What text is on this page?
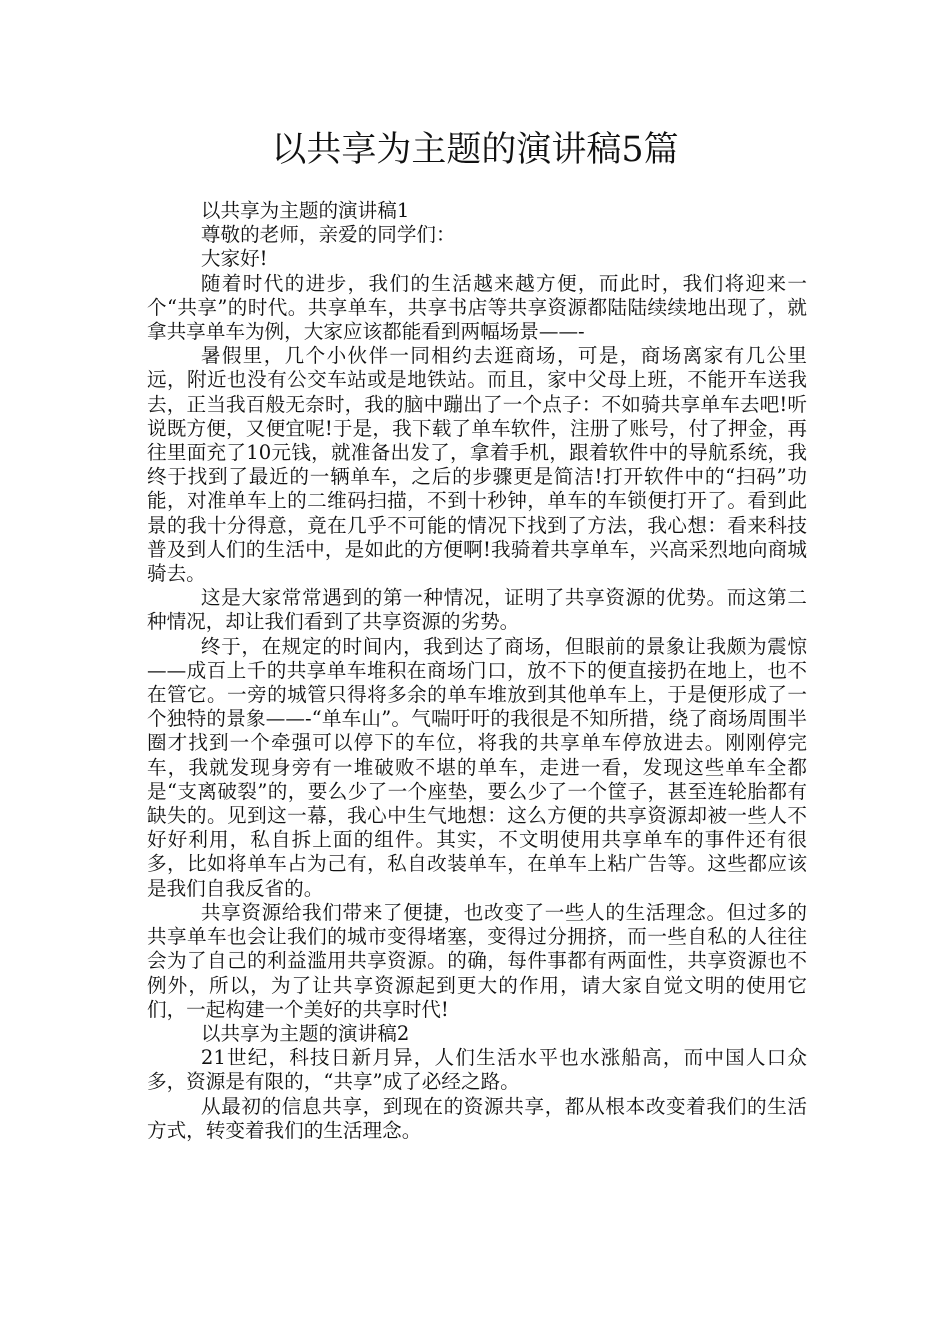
以共享为主题的演讲稿5篇

以共享为主题的演讲稿1

尊敬的老师，亲爱的同学们：

大家好!

随着时代的进步，我们的生活越来越方便，而此时，我们将迎来一个“共享”的时代。共享单车，共享书店等共享资源都陆陆续续地出现了，就拿共享单车为例，大家应该都能看到两幅场景——-

暑假里，几个小伙伴一同相约去逛商场，可是，商场离家有几公里远，附近也没有公交车站或是地铁站。而且，家中父母上班，不能开车送我去，正当我百般无奈时，我的脑中蹦出了一个点子：不如骑共享单车去吧!听说既方便，又便宜呢!于是，我下载了单车软件，注册了账号，付了押金，再往里面充了10元钱，就准备出发了，拿着手机，跟着软件中的导航系统，我终于找到了最近的一辆单车，之后的步骤更是简洁!打开软件中的“扫码”功能，对准单车上的二维码扫描，不到十秒钟，单车的车锁便打开了。看到此景的我十分得意，竟在几乎不可能的情况下找到了方法，我心想：看来科技普及到人们的生活中，是如此的方便啊!我骑着共享单车，兴高采烈地向商城骑去。

这是大家常常遇到的第一种情况，证明了共享资源的优势。而这第二种情况，却让我们看到了共享资源的劣势。

终于，在规定的时间内，我到达了商场，但眼前的景象让我颇为震惊——成百上千的共享单车堆积在商场门口，放不下的便直接扔在地上，也不在管它。一旁的城管只得将多余的单车堆放到其他单车上，于是便形成了一个独特的景象——-“单车山”。气喘吁吁的我很是不知所措，绕了商场周围半圈才找到一个牵强可以停下的车位，将我的共享单车停放进去。刚刚停完车，我就发现身旁有一堆破败不堪的单车，走进一看，发现这些单车全都是“支离破裂”的，要么少了一个座垫，要么少了一个筐子，甚至连轮胎都有缺失的。见到这一幕，我心中生气地想：这么方便的共享资源却被一些人不好好利用，私自拆上面的组件。其实，不文明使用共享单车的事件还有很多，比如将单车占为己有，私自改装单车，在单车上粘广告等。这些都应该是我们自我反省的。

共享资源给我们带来了便捷，也改变了一些人的生活理念。但过多的共享单车也会让我们的城市变得堵塞，变得过分拥挤，而一些自私的人往往会为了自己的利益滥用共享资源。的确，每件事都有两面性，共享资源也不例外，所以，为了让共享资源起到更大的作用，请大家自觉文明的使用它们，一起构建一个美好的共享时代!

以共享为主题的演讲稿2

21世纪，科技日新月异，人们生活水平也水涨船高，而中国人口众多，资源是有限的，“共享”成了必经之路。

从最初的信息共享，到现在的资源共享，都从根本改变着我们的生活方式，转变着我们的生活理念。
